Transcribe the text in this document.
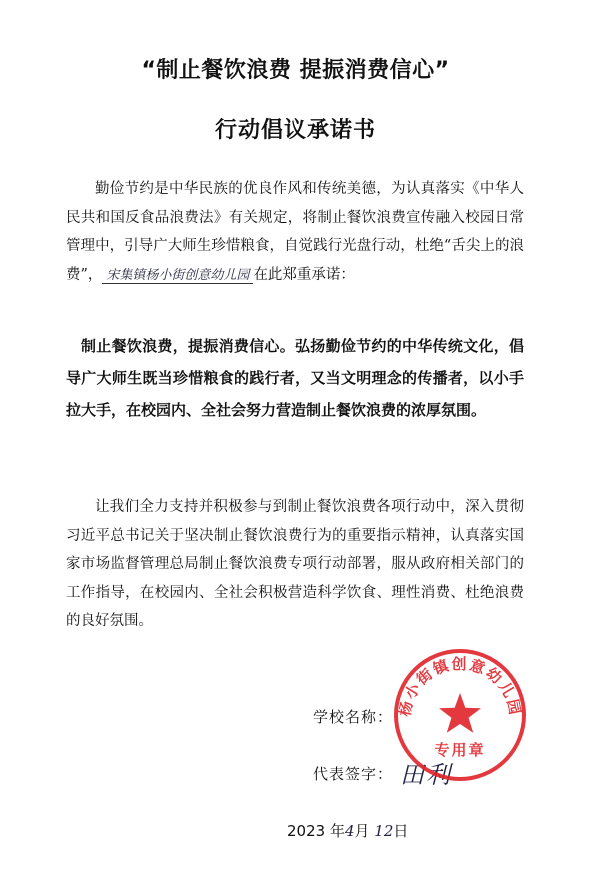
“制止餐饮浪费 提振消费信心”
行动倡议承诺书

勤俭节约是中华民族的优良作风和传统美德，为认真落实《中华人民共和国反食品浪费法》有关规定，将制止餐饮浪费宣传融入校园日常管理中，引导广大师生珍惜粮食，自觉践行光盘行动，杜绝“舌尖上的浪费”， 宋集镇杨小街创意幼儿园 在此郑重承诺：

制止餐饮浪费，提振消费信心。弘扬勤俭节约的中华传统文化，倡导广大师生既当珍惜粮食的践行者，又当文明理念的传播者，以小手拉大手，在校园内、全社会努力营造制止餐饮浪费的浓厚氛围。

让我们全力支持并积极参与到制止餐饮浪费各项行动中，深入贯彻习近平总书记关于坚决制止餐饮浪费行为的重要指示精神，认真落实国家市场监督管理总局制止餐饮浪费专项行动部署，服从政府相关部门的工作指导，在校园内、全社会积极营造科学饮食、理性消费、杜绝浪费的良好氛围。

学校名称：
代表签字： 田利
2023 年4月 12日
杨小街镇创意幼儿园
专用章
